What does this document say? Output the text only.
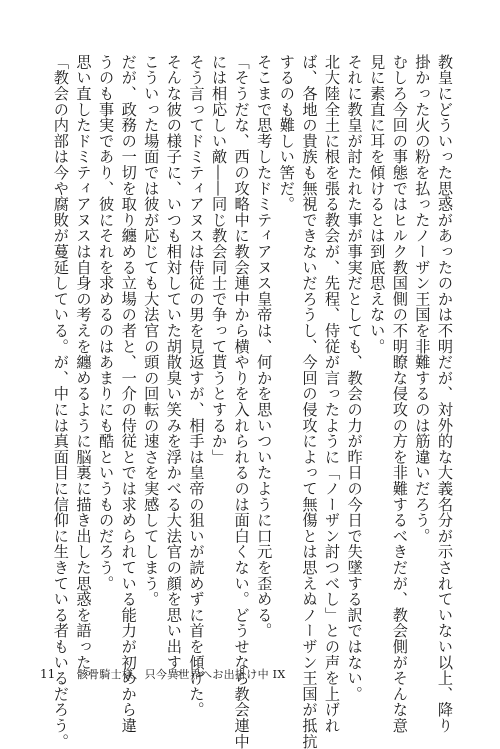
教皇にどういった思惑があったのかは不明だが、対外的な大義名分が示されていない以上、降り

掛かった火の粉を払ったノーザン王国を非難するのは筋違いだろう。

むしろ今回の事態ではヒルク教国側の不明瞭な侵攻の方を非難するべきだが、教会側がそんな意

見に素直に耳を傾けるとは到底思えない。

それに教皇が討たれた事が事実だとしても、教会の力が昨日の今日で失墜する訳ではない。

北大陸全土に根を張る教会が、先程、侍従が言ったように「ノーザン討つべし」との声を上げれ

ば、各地の貴族も無視できないだろうし、今回の侵攻によって無傷とは思えぬノーザン王国が抵抗

するのも難しい筈だ。

そこまで思考したドミティアヌス皇帝は、何かを思いついたように口元を歪める。

「そうだな、西の攻略中に教会連中から横やりを入れられるのは面白くない。どうせなら教会連中

には相応しい敵――同じ教会同士で争って貰うとするか」

そう言ってドミティアヌスは侍従の男を見返すが、相手は皇帝の狙いが読めずに首を傾げた。

そんな彼の様子に、いつも相対していた胡散臭い笑みを浮かべる大法官の顔を思い出す。

こういった場面では彼が応じても大法官の頭の回転の速さを実感してしまう。

だが、政務の一切を取り纏める立場の者と、一介の侍従とでは求められている能力が初めから違

うのも事実であり、彼にそれを求めるのはあまりにも酷というものだろう。

思い直したドミティアヌスは自身の考えを纏めるように脳裏に描き出した思惑を語った。

「教会の内部は今や腐敗が蔓延している。が、中には真面目に信仰に生きている者もいるだろう。

11 骸骨騎士様、只今異世界へお出掛け中 IX
